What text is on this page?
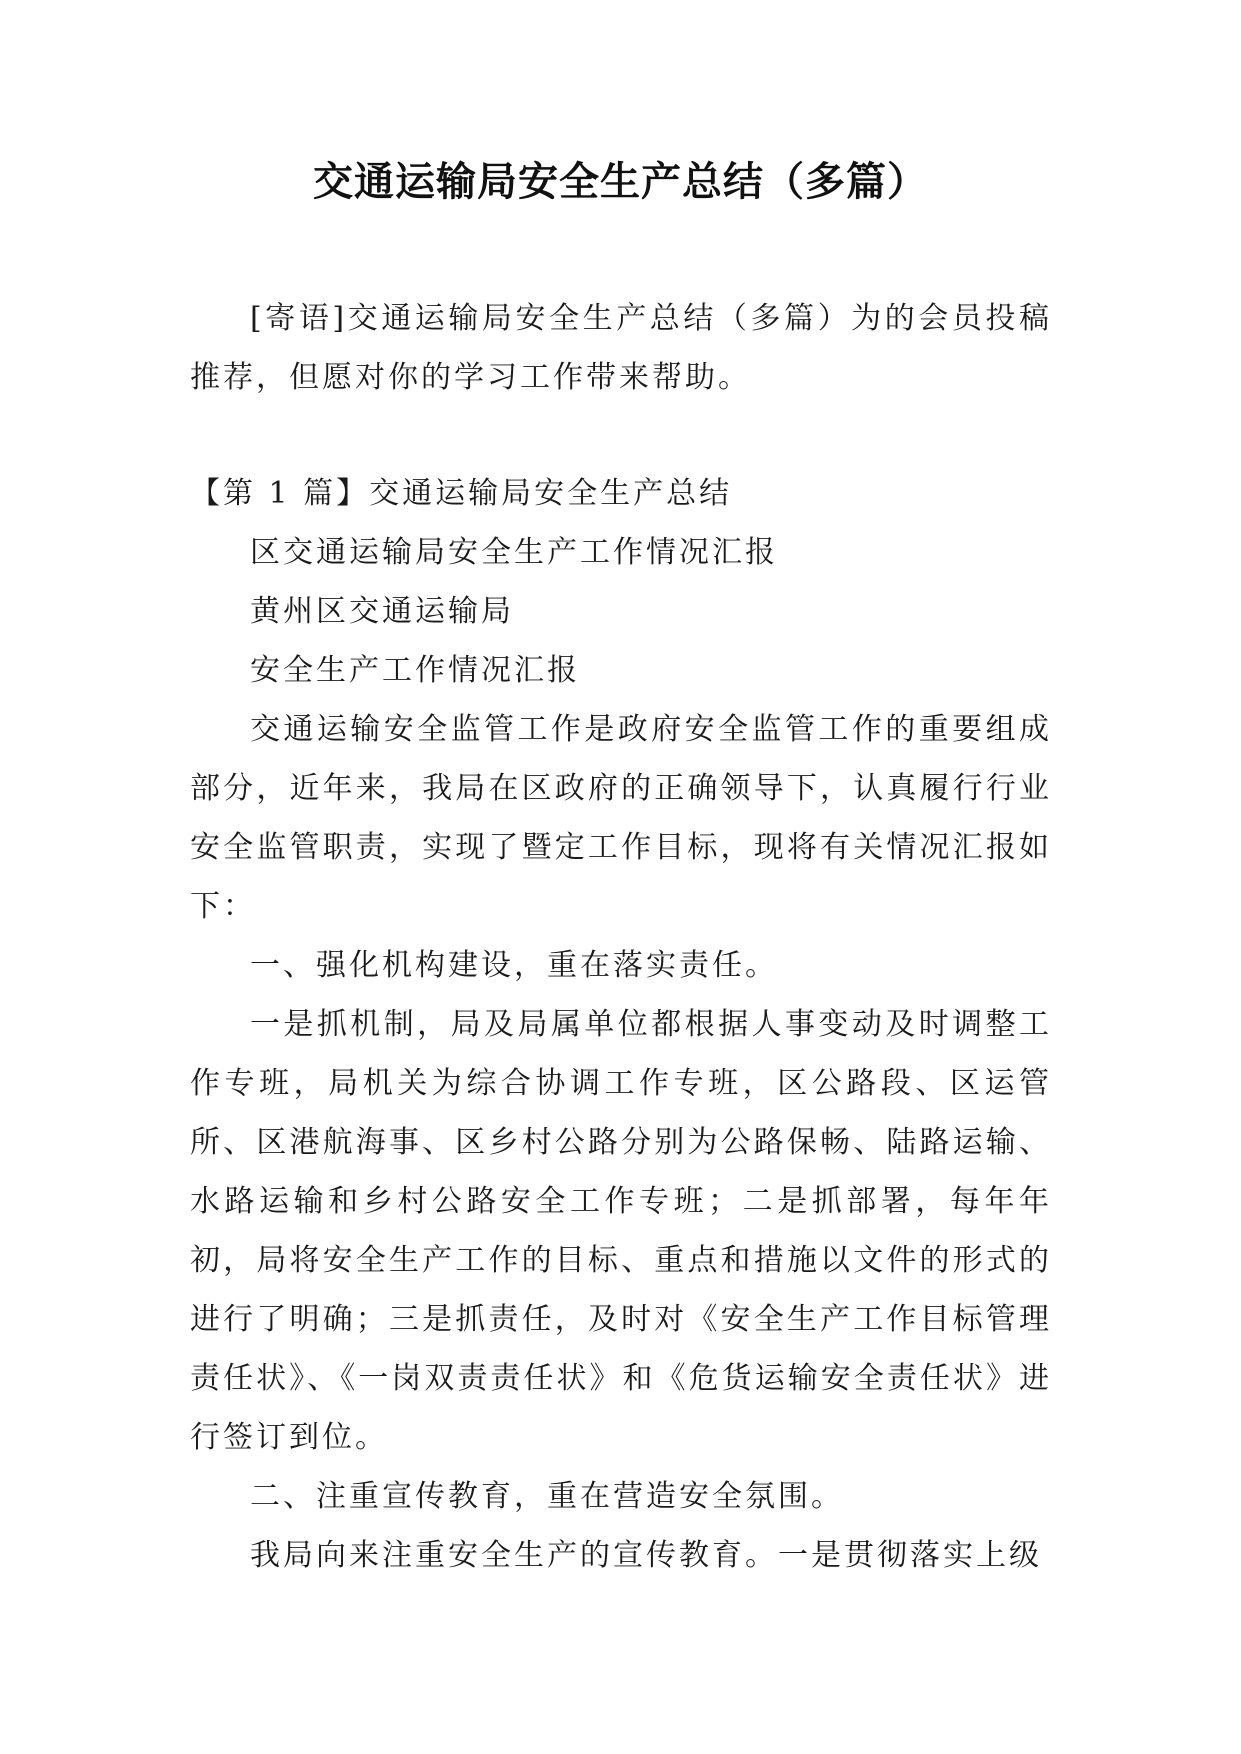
交通运输局安全生产总结（多篇）

[寄语]交通运输局安全生产总结（多篇）为的会员投稿推荐，但愿对你的学习工作带来帮助。

【第 1 篇】交通运输局安全生产总结

区交通运输局安全生产工作情况汇报

黄州区交通运输局

安全生产工作情况汇报

交通运输安全监管工作是政府安全监管工作的重要组成部分，近年来，我局在区政府的正确领导下，认真履行行业安全监管职责，实现了暨定工作目标，现将有关情况汇报如下：

一、强化机构建设，重在落实责任。

一是抓机制，局及局属单位都根据人事变动及时调整工作专班，局机关为综合协调工作专班，区公路段、区运管所、区港航海事、区乡村公路分别为公路保畅、陆路运输、水路运输和乡村公路安全工作专班；二是抓部署，每年年初，局将安全生产工作的目标、重点和措施以文件的形式的进行了明确；三是抓责任，及时对《安全生产工作目标管理责任状》、《一岗双责责任状》和《危货运输安全责任状》进行签订到位。

二、注重宣传教育，重在营造安全氛围。

我局向来注重安全生产的宣传教育。一是贯彻落实上级
